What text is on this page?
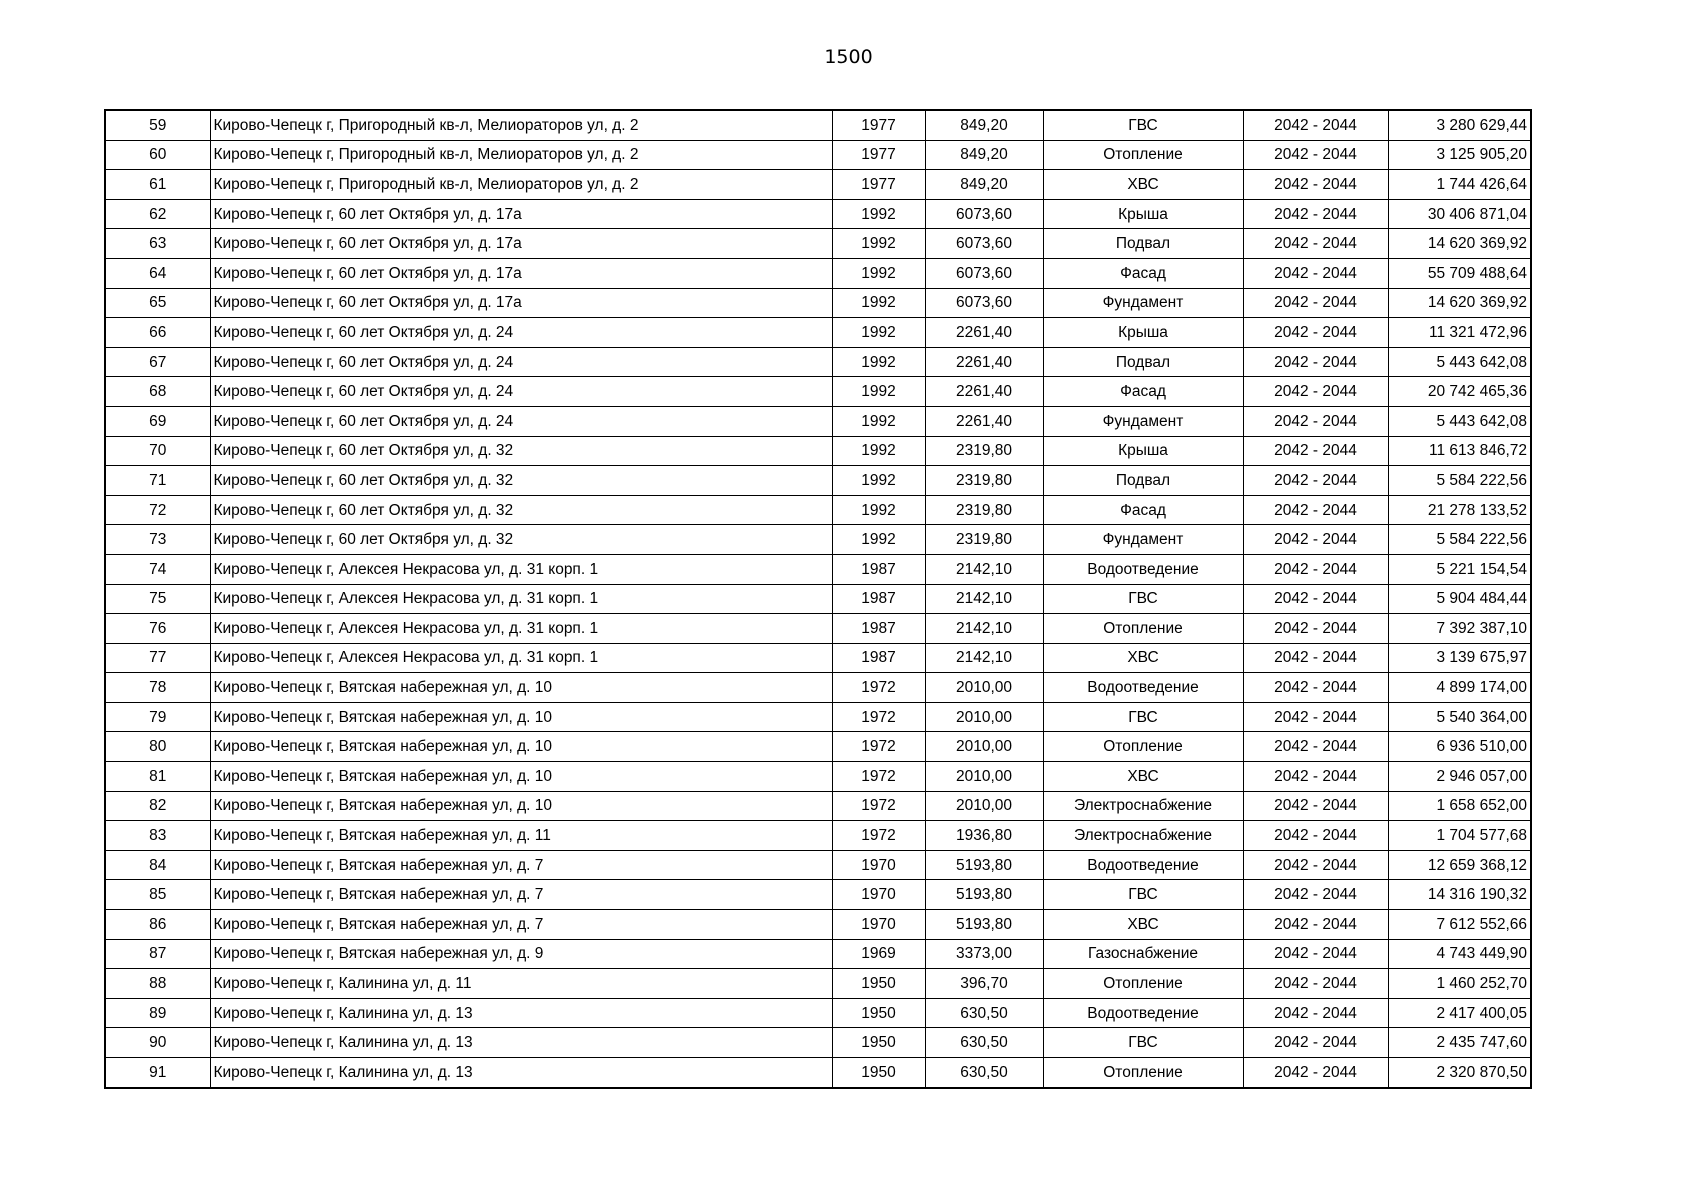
1500
59	Кирово-Чепецк г, Пригородный кв-л, Мелиораторов ул, д. 2	1977	849,20	ГВС	2042 - 2044	3 280 629,44
60	Кирово-Чепецк г, Пригородный кв-л, Мелиораторов ул, д. 2	1977	849,20	Отопление	2042 - 2044	3 125 905,20
61	Кирово-Чепецк г, Пригородный кв-л, Мелиораторов ул, д. 2	1977	849,20	ХВС	2042 - 2044	1 744 426,64
62	Кирово-Чепецк г, 60 лет Октября ул, д. 17а	1992	6073,60	Крыша	2042 - 2044	30 406 871,04
63	Кирово-Чепецк г, 60 лет Октября ул, д. 17а	1992	6073,60	Подвал	2042 - 2044	14 620 369,92
64	Кирово-Чепецк г, 60 лет Октября ул, д. 17а	1992	6073,60	Фасад	2042 - 2044	55 709 488,64
65	Кирово-Чепецк г, 60 лет Октября ул, д. 17а	1992	6073,60	Фундамент	2042 - 2044	14 620 369,92
66	Кирово-Чепецк г, 60 лет Октября ул, д. 24	1992	2261,40	Крыша	2042 - 2044	11 321 472,96
67	Кирово-Чепецк г, 60 лет Октября ул, д. 24	1992	2261,40	Подвал	2042 - 2044	5 443 642,08
68	Кирово-Чепецк г, 60 лет Октября ул, д. 24	1992	2261,40	Фасад	2042 - 2044	20 742 465,36
69	Кирово-Чепецк г, 60 лет Октября ул, д. 24	1992	2261,40	Фундамент	2042 - 2044	5 443 642,08
70	Кирово-Чепецк г, 60 лет Октября ул, д. 32	1992	2319,80	Крыша	2042 - 2044	11 613 846,72
71	Кирово-Чепецк г, 60 лет Октября ул, д. 32	1992	2319,80	Подвал	2042 - 2044	5 584 222,56
72	Кирово-Чепецк г, 60 лет Октября ул, д. 32	1992	2319,80	Фасад	2042 - 2044	21 278 133,52
73	Кирово-Чепецк г, 60 лет Октября ул, д. 32	1992	2319,80	Фундамент	2042 - 2044	5 584 222,56
74	Кирово-Чепецк г, Алексея Некрасова ул, д. 31 корп. 1	1987	2142,10	Водоотведение	2042 - 2044	5 221 154,54
75	Кирово-Чепецк г, Алексея Некрасова ул, д. 31 корп. 1	1987	2142,10	ГВС	2042 - 2044	5 904 484,44
76	Кирово-Чепецк г, Алексея Некрасова ул, д. 31 корп. 1	1987	2142,10	Отопление	2042 - 2044	7 392 387,10
77	Кирово-Чепецк г, Алексея Некрасова ул, д. 31 корп. 1	1987	2142,10	ХВС	2042 - 2044	3 139 675,97
78	Кирово-Чепецк г, Вятская набережная ул, д. 10	1972	2010,00	Водоотведение	2042 - 2044	4 899 174,00
79	Кирово-Чепецк г, Вятская набережная ул, д. 10	1972	2010,00	ГВС	2042 - 2044	5 540 364,00
80	Кирово-Чепецк г, Вятская набережная ул, д. 10	1972	2010,00	Отопление	2042 - 2044	6 936 510,00
81	Кирово-Чепецк г, Вятская набережная ул, д. 10	1972	2010,00	ХВС	2042 - 2044	2 946 057,00
82	Кирово-Чепецк г, Вятская набережная ул, д. 10	1972	2010,00	Электроснабжение	2042 - 2044	1 658 652,00
83	Кирово-Чепецк г, Вятская набережная ул, д. 11	1972	1936,80	Электроснабжение	2042 - 2044	1 704 577,68
84	Кирово-Чепецк г, Вятская набережная ул, д. 7	1970	5193,80	Водоотведение	2042 - 2044	12 659 368,12
85	Кирово-Чепецк г, Вятская набережная ул, д. 7	1970	5193,80	ГВС	2042 - 2044	14 316 190,32
86	Кирово-Чепецк г, Вятская набережная ул, д. 7	1970	5193,80	ХВС	2042 - 2044	7 612 552,66
87	Кирово-Чепецк г, Вятская набережная ул, д. 9	1969	3373,00	Газоснабжение	2042 - 2044	4 743 449,90
88	Кирово-Чепецк г, Калинина ул, д. 11	1950	396,70	Отопление	2042 - 2044	1 460 252,70
89	Кирово-Чепецк г, Калинина ул, д. 13	1950	630,50	Водоотведение	2042 - 2044	2 417 400,05
90	Кирово-Чепецк г, Калинина ул, д. 13	1950	630,50	ГВС	2042 - 2044	2 435 747,60
91	Кирово-Чепецк г, Калинина ул, д. 13	1950	630,50	Отопление	2042 - 2044	2 320 870,50
